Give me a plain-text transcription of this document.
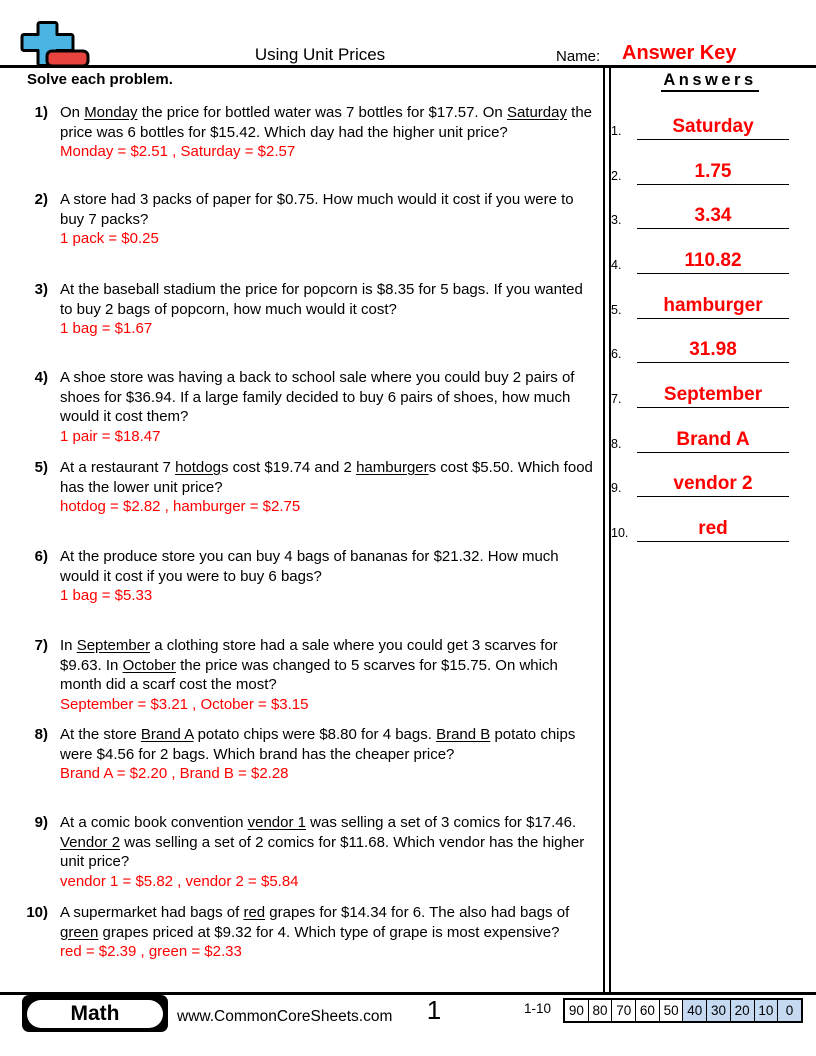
Using Unit Prices	Name: Answer Key
Solve each problem.	Answers
1.	Saturday
2.	1.75
3.	3.34
4.	110.82
5.	hamburger
6.	31.98
7.	September
8.	Brand A
9.	vendor 2
10.	red
1) On Monday the price for bottled water was 7 bottles for $17.57. On Saturday the price was 6 bottles for $15.42. Which day had the higher unit price?
Monday = $2.51 , Saturday = $2.57
2) A store had 3 packs of paper for $0.75. How much would it cost if you were to buy 7 packs?
1 pack = $0.25
3) At the baseball stadium the price for popcorn is $8.35 for 5 bags. If you wanted to buy 2 bags of popcorn, how much would it cost?
1 bag = $1.67
4) A shoe store was having a back to school sale where you could buy 2 pairs of shoes for $36.94. If a large family decided to buy 6 pairs of shoes, how much would it cost them?
1 pair = $18.47
5) At a restaurant 7 hotdogs cost $19.74 and 2 hamburgers cost $5.50. Which food has the lower unit price?
hotdog = $2.82 , hamburger = $2.75
6) At the produce store you can buy 4 bags of bananas for $21.32. How much would it cost if you were to buy 6 bags?
1 bag = $5.33
7) In September a clothing store had a sale where you could get 3 scarves for $9.63. In October the price was changed to 5 scarves for $15.75. On which month did a scarf cost the most?
September = $3.21 , October = $3.15
8) At the store Brand A potato chips were $8.80 for 4 bags. Brand B potato chips were $4.56 for 2 bags. Which brand has the cheaper price?
Brand A = $2.20 , Brand B = $2.28
9) At a comic book convention vendor 1 was selling a set of 3 comics for $17.46. Vendor 2 was selling a set of 2 comics for $11.68. Which vendor has the higher unit price?
vendor 1 = $5.82 , vendor 2 = $5.84
10) A supermarket had bags of red grapes for $14.34 for 6. The also had bags of green grapes priced at $9.32 for 4. Which type of grape is most expensive?
red = $2.39 , green = $2.33
Math	www.CommonCoreSheets.com	1	1-10 90 80 70 60 50 40 30 20 10 0
